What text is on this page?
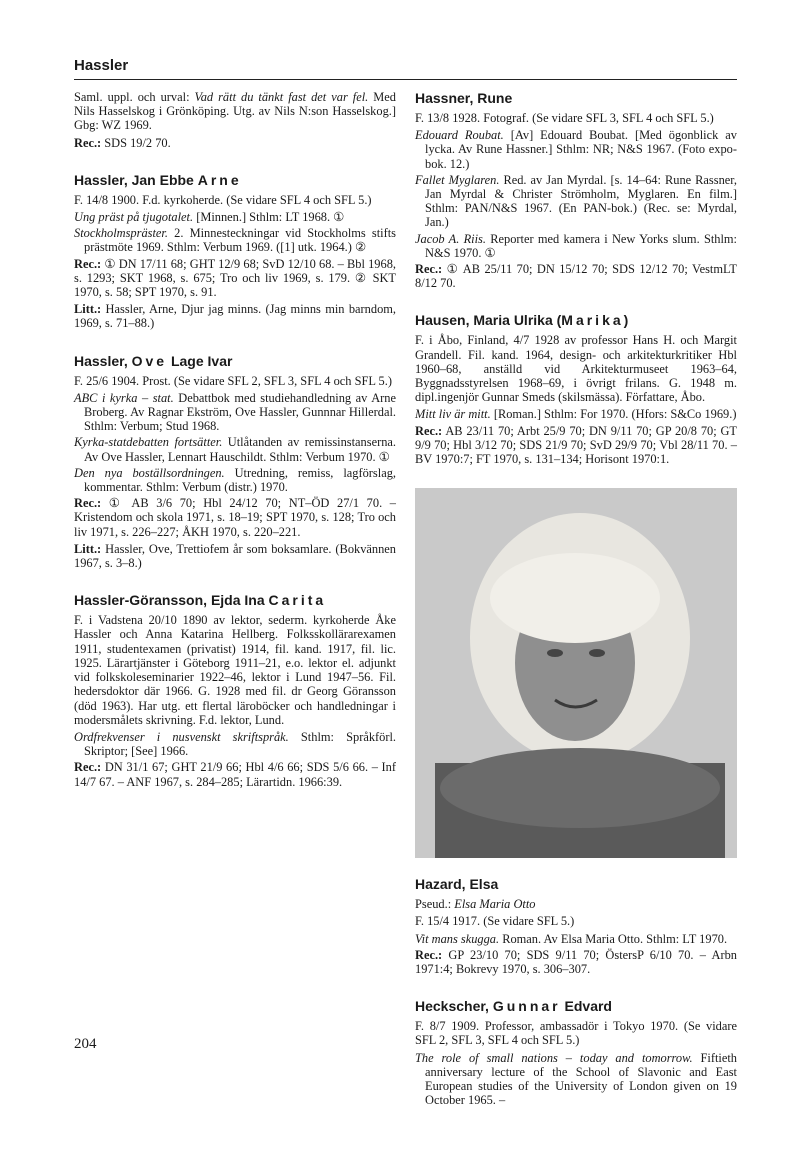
Hassler

Saml. uppl. och urval: Vad rätt du tänkt fast det var fel. Med Nils Hasselskog i Grönköping. Utg. av Nils N:son Hasselskog.] Gbg: WZ 1969.

Rec.: SDS 19/2 70.

Hassler, Jan Ebbe Arne

F. 14/8 1900. F.d. kyrkoherde. (Se vidare SFL 4 och SFL 5.)

Ung präst på tjugotalet. [Minnen.] Sthlm: LT 1968. ①

Stockholmspräster. 2. Minnesteckningar vid Stockholms stifts prästmöte 1969. Sthlm: Verbum 1969. ([1] utk. 1964.) ②

Rec.: ① DN 17/11 68; GHT 12/9 68; SvD 12/10 68. – Bbl 1968, s. 1293; SKT 1968, s. 675; Tro och liv 1969, s. 179. ② SKT 1970, s. 58; SPT 1970, s. 91.

Litt.: Hassler, Arne, Djur jag minns. (Jag minns min barndom, 1969, s. 71–88.)

Hassler, Ove Lage Ivar

F. 25/6 1904. Prost. (Se vidare SFL 2, SFL 3, SFL 4 och SFL 5.)

ABC i kyrka – stat. Debattbok med studiehandledning av Arne Broberg. Av Ragnar Ekström, Ove Hassler, Gunnnar Hillerdal. Sthlm: Verbum; Stud 1968.

Kyrka-statdebatten fortsätter. Utlåtanden av remissinstanserna. Av Ove Hassler, Lennart Hauschildt. Sthlm: Verbum 1970. ①

Den nya boställsordningen. Utredning, remiss, lagförslag, kommentar. Sthlm: Verbum (distr.) 1970.

Rec.: ① AB 3/6 70; Hbl 24/12 70; NT–ÖD 27/1 70. – Kristendom och skola 1971, s. 18–19; SPT 1970, s. 128; Tro och liv 1971, s. 226–227; ÅKH 1970, s. 220–221.

Litt.: Hassler, Ove, Trettiofem år som boksamlare. (Bokvännen 1967, s. 3–8.)

Hassler-Göransson, Ejda Ina Carita

F. i Vadstena 20/10 1890 av lektor, sederm. kyrkoherde Åke Hassler och Anna Katarina Hellberg. Folksskollärarexamen 1911, studentexamen (privatist) 1914, fil. kand. 1917, fil. lic. 1925. Lärartjänster i Göteborg 1911–21, e.o. lektor el. adjunkt vid folkskoleseminarier 1922–46, lektor i Lund 1947–56. Fil. hedersdoktor där 1966. G. 1928 med fil. dr Georg Göransson (död 1963). Har utg. ett flertal läroböcker och handledningar i modersmålets skrivning. F.d. lektor, Lund.

Ordfrekvenser i nusvenskt skriftspråk. Sthlm: Språkförl. Skriptor; [See] 1966.

Rec.: DN 31/1 67; GHT 21/9 66; Hbl 4/6 66; SDS 5/6 66. – Inf 14/7 67. – ANF 1967, s. 284–285; Lärartidn. 1966:39.

Hassner, Rune

F. 13/8 1928. Fotograf. (Se vidare SFL 3, SFL 4 och SFL 5.)

Edouard Roubat. [Av] Edouard Boubat. [Med ögonblick av lycka. Av Rune Hassner.] Sthlm: NR; N&S 1967. (Foto expo-bok. 12.)

Fallet Myglaren. Red. av Jan Myrdal. [s. 14–64: Rune Rassner, Jan Myrdal & Christer Strömholm, Myglaren. En film.] Sthlm: PAN/N&S 1967. (En PAN-bok.) (Rec. se: Myrdal, Jan.)

Jacob A. Riis. Reporter med kamera i New Yorks slum. Sthlm: N&S 1970. ①

Rec.: ① AB 25/11 70; DN 15/12 70; SDS 12/12 70; VestmLT 8/12 70.

Hausen, Maria Ulrika (Marika)

F. i Åbo, Finland, 4/7 1928 av professor Hans H. och Margit Grandell. Fil. kand. 1964, design- och arkitekturkritiker Hbl 1960–68, anställd vid Arkitekturmuseet 1963–64, Byggnadsstyrelsen 1968–69, i övrigt frilans. G. 1948 m. dipl.ingenjör Gunnar Smeds (skilsmässa). Författare, Åbo.

Mitt liv är mitt. [Roman.] Sthlm: For 1970. (Hfors: S&Co 1969.)

Rec.: AB 23/11 70; Arbt 25/9 70; DN 9/11 70; GP 20/8 70; GT 9/9 70; Hbl 3/12 70; SDS 21/9 70; SvD 29/9 70; Vbl 28/11 70. – BV 1970:7; FT 1970, s. 131–134; Horisont 1970:1.

Hazard, Elsa

Pseud.: Elsa Maria Otto

F. 15/4 1917. (Se vidare SFL 5.)

Vit mans skugga. Roman. Av Elsa Maria Otto. Sthlm: LT 1970.

Rec.: GP 23/10 70; SDS 9/11 70; ÖstersP 6/10 70. – Arbn 1971:4; Bokrevy 1970, s. 306–307.

Heckscher, Gunnar Edvard

F. 8/7 1909. Professor, ambassadör i Tokyo 1970. (Se vidare SFL 2, SFL 3, SFL 4 och SFL 5.)

The role of small nations – today and tomorrow. Fiftieth anniversary lecture of the School of Slavonic and East European studies of the University of London given on 19 October 1965. –

204
